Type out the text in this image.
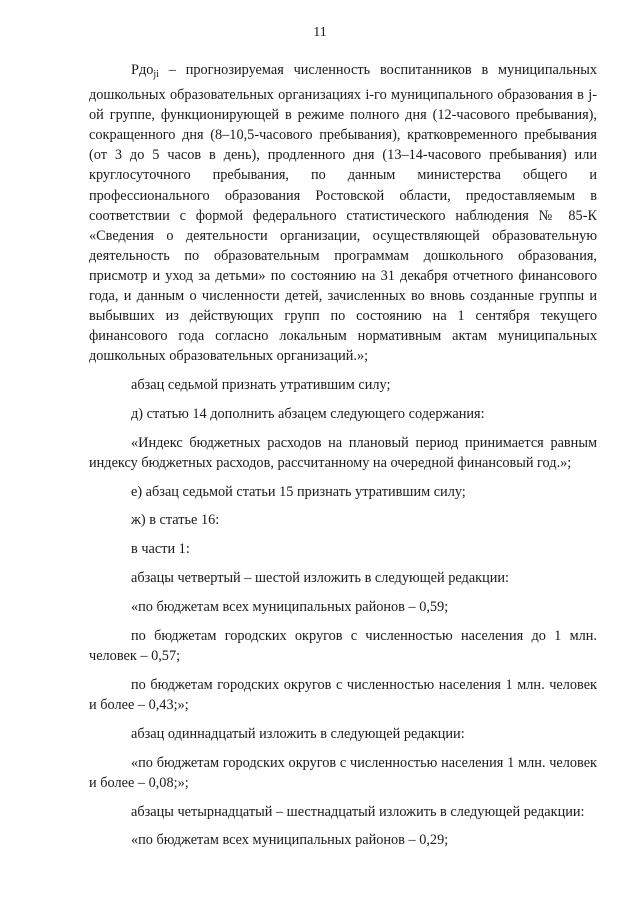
11

Pдо$_{ji}$ – прогнозируемая численность воспитанников в муниципальных дошкольных образовательных организациях i-го муниципального образования в j-ой группе, функционирующей в режиме полного дня (12-часового пребывания), сокращенного дня (8–10,5-часового пребывания), кратковременного пребывания (от 3 до 5 часов в день), продленного дня (13–14-часового пребывания) или круглосуточного пребывания, по данным министерства общего и профессионального образования Ростовской области, предоставляемым в соответствии с формой федерального статистического наблюдения № 85-К «Сведения о деятельности организации, осуществляющей образовательную деятельность по образовательным программам дошкольного образования, присмотр и уход за детьми» по состоянию на 31 декабря отчетного финансового года, и данным о численности детей, зачисленных во вновь созданные группы и выбывших из действующих групп по состоянию на 1 сентября текущего финансового года согласно локальным нормативным актам муниципальных дошкольных образовательных организаций.»;

абзац седьмой признать утратившим силу;

д) статью 14 дополнить абзацем следующего содержания:

«Индекс бюджетных расходов на плановый период принимается равным индексу бюджетных расходов, рассчитанному на очередной финансовый год.»;

е) абзац седьмой статьи 15 признать утратившим силу;

ж) в статье 16:

в части 1:

абзацы четвертый – шестой изложить в следующей редакции:

«по бюджетам всех муниципальных районов – 0,59;

по бюджетам городских округов с численностью населения до 1 млн. человек – 0,57;

по бюджетам городских округов с численностью населения 1 млн. человек и более – 0,43;»;

абзац одиннадцатый изложить в следующей редакции:

«по бюджетам городских округов с численностью населения 1 млн. человек и более – 0,08;»;

абзацы четырнадцатый – шестнадцатый изложить в следующей редакции:

«по бюджетам всех муниципальных районов – 0,29;
